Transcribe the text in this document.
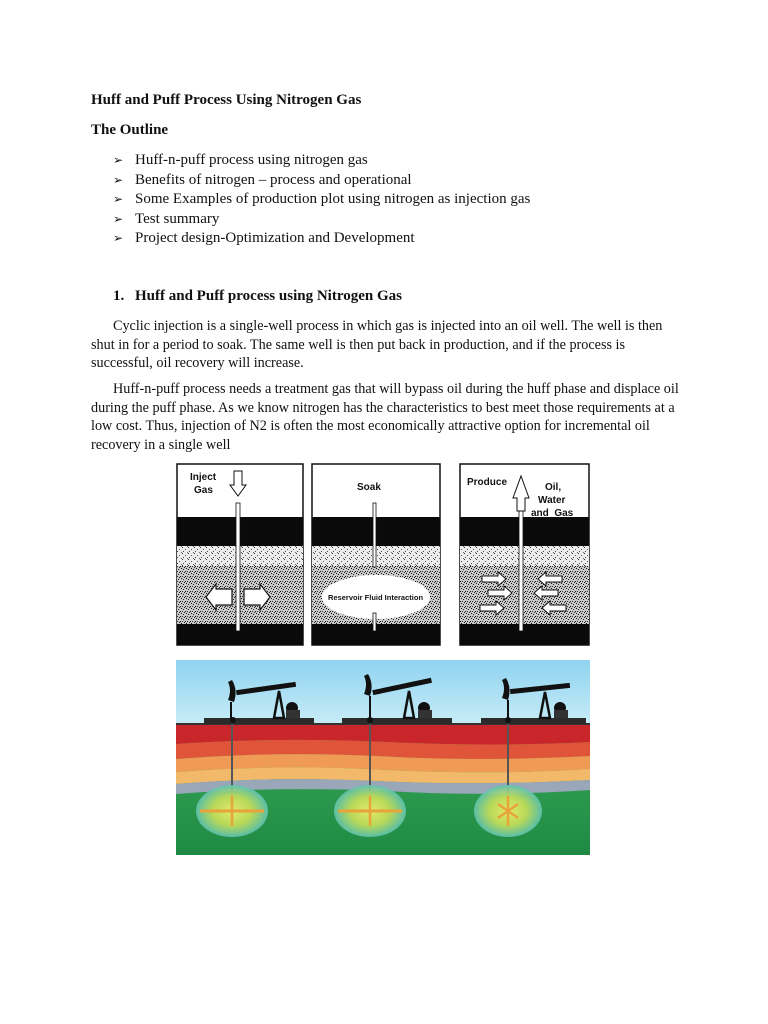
Huff and Puff Process Using Nitrogen Gas
The Outline
➢ Huff-n-puff process using nitrogen gas
➢ Benefits of nitrogen – process and operational
➢ Some Examples of production plot using nitrogen as injection gas
➢ Test summary
➢ Project design-Optimization and Development
1. Huff and Puff process using Nitrogen Gas

Cyclic injection is a single-well process in which gas is injected into an oil well. The well is then shut in for a period to soak. The same well is then put back in production, and if the process is successful, oil recovery will increase.

Huff-n-puff process needs a treatment gas that will bypass oil during the huff phase and displace oil during the puff phase. As we know nitrogen has the characteristics to best meet those requirements at a low cost. Thus, injection of N2 is often the most economically attractive option for incremental oil recovery in a single well

Inject
Gas	Soak
Reservoir Fluid Interaction
Produce	Oil,
Water
and  Gas
